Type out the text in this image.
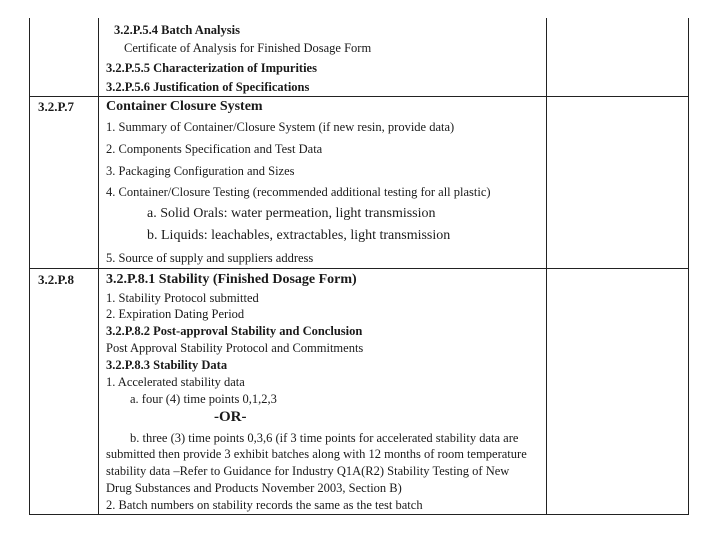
3.2.P.5.4 Batch Analysis
Certificate of Analysis for Finished Dosage Form
3.2.P.5.5 Characterization of Impurities
3.2.P.5.6 Justification of Specifications
3.2.P.7 Container Closure System
1. Summary of Container/Closure System (if new resin, provide data)
2. Components Specification and Test Data
3. Packaging Configuration and Sizes
4. Container/Closure Testing (recommended additional testing for all plastic)
a. Solid Orals: water permeation, light transmission
b. Liquids: leachables, extractables, light transmission
5. Source of supply and suppliers address
3.2.P.8 3.2.P.8.1 Stability (Finished Dosage Form)
1. Stability Protocol submitted
2. Expiration Dating Period
3.2.P.8.2 Post-approval Stability and Conclusion
Post Approval Stability Protocol and Commitments
3.2.P.8.3 Stability Data
1. Accelerated stability data
a. four (4) time points 0,1,2,3
-OR-
b. three (3) time points 0,3,6 (if 3 time points for accelerated stability data are
submitted then provide 3 exhibit batches along with 12 months of room temperature
stability data –Refer to Guidance for Industry Q1A(R2) Stability Testing of New
Drug Substances and Products November 2003, Section B)
2. Batch numbers on stability records the same as the test batch
